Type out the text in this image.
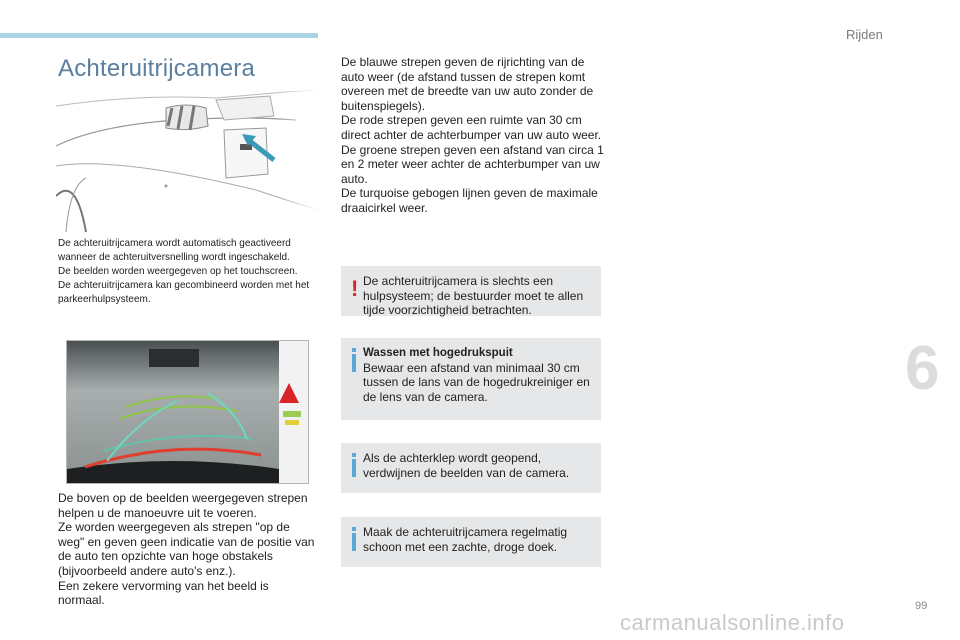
Rijden
6
Achteruitrijcamera

De achteruitrijcamera wordt automatisch geactiveerd wanneer de achteruitversnelling wordt ingeschakeld.

De beelden worden weergegeven op het touchscreen.

De achteruitrijcamera kan gecombineerd worden met het parkeerhulpsysteem.

De boven op de beelden weergegeven strepen helpen u de manoeuvre uit te voeren.

Ze worden weergegeven als strepen "op de weg" en geven geen indicatie van de positie van de auto ten opzichte van hoge obstakels (bijvoorbeeld andere auto's enz.).

Een zekere vervorming van het beeld is normaal.

De blauwe strepen geven de rijrichting van de auto weer (de afstand tussen de strepen komt overeen met de breedte van uw auto zonder de buitenspiegels).

De rode strepen geven een ruimte van 30 cm direct achter de achterbumper van uw auto weer.

De groene strepen geven een afstand van circa 1 en 2 meter weer achter de achterbumper van uw auto.

De turquoise gebogen lijnen geven de maximale draaicirkel weer.

! De achteruitrijcamera is slechts een hulpsysteem; de bestuurder moet te allen tijde voorzichtigheid betrachten.

Wassen met hogedrukspuit

Bewaar een afstand van minimaal 30 cm tussen de lans van de hogedrukreiniger en de lens van de camera.

Als de achterklep wordt geopend, verdwijnen de beelden van de camera.

Maak de achteruitrijcamera regelmatig schoon met een zachte, droge doek.

99
carmanualsonline.info
